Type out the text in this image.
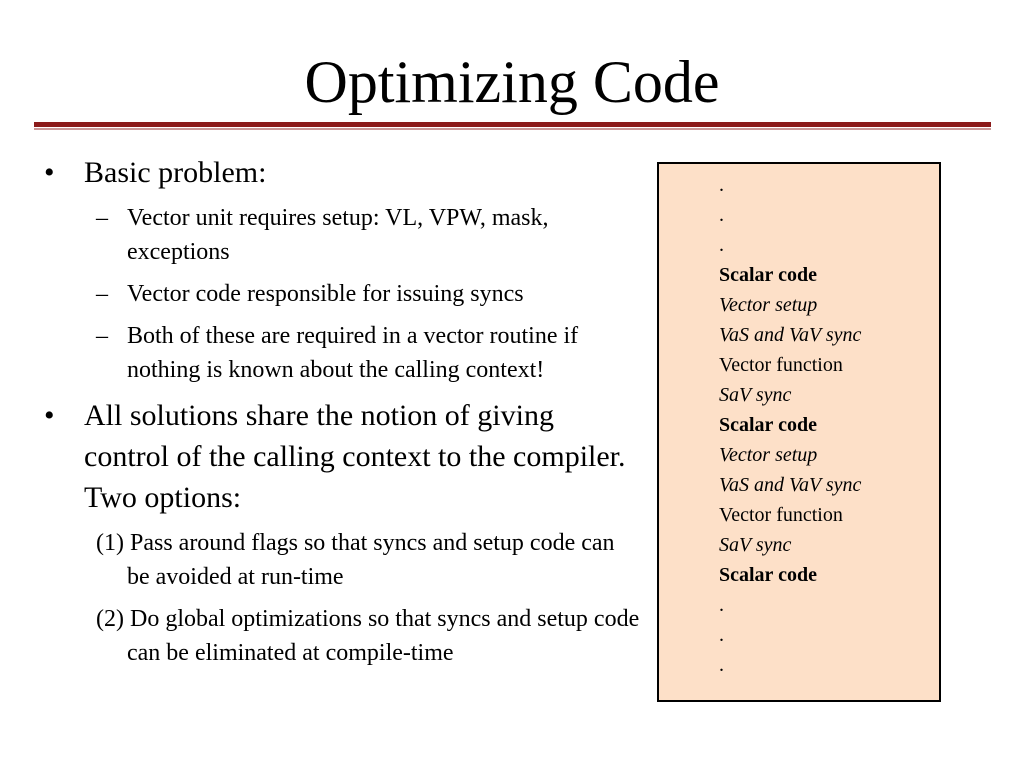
Optimizing Code
• Basic problem:
– Vector unit requires setup: VL, VPW, mask, exceptions
– Vector code responsible for issuing syncs
– Both of these are required in a vector routine if nothing is known about the calling context!
• All solutions share the notion of giving control of the calling context to the compiler. Two options:
(1) Pass around flags so that syncs and setup code can be avoided at run-time
(2) Do global optimizations so that syncs and setup code can be eliminated at compile-time
.
.
.
Scalar code
Vector setup
VaS and VaV sync
Vector function
SaV sync
Scalar code
Vector setup
VaS and VaV sync
Vector function
SaV sync
Scalar code
.
.
.
